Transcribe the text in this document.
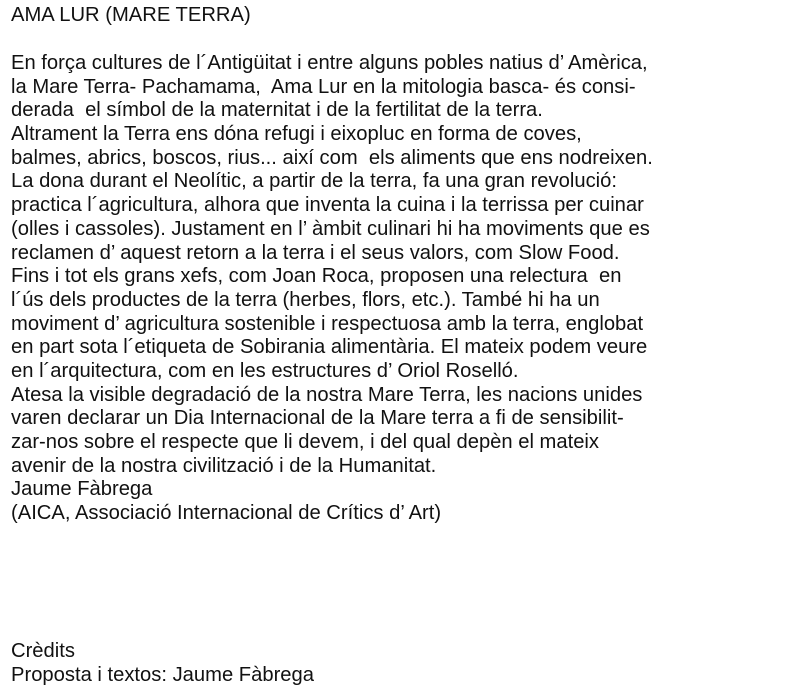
AMA LUR (MARE TERRA)
En força cultures de l´Antigüitat i entre alguns pobles natius d’ Amèrica,
la Mare Terra- Pachamama,  Ama Lur en la mitologia basca- és consi-
derada  el símbol de la maternitat i de la fertilitat de la terra.
Altrament la Terra ens dóna refugi i eixopluc en forma de coves,
balmes, abrics, boscos, rius... així com  els aliments que ens nodreixen.
La dona durant el Neolític, a partir de la terra, fa una gran revolució:
practica l´agricultura, alhora que inventa la cuina i la terrissa per cuinar
(olles i cassoles). Justament en l’ àmbit culinari hi ha moviments que es
reclamen d’ aquest retorn a la terra i el seus valors, com Slow Food.
Fins i tot els grans xefs, com Joan Roca, proposen una relectura  en
l´ús dels productes de la terra (herbes, flors, etc.). També hi ha un
moviment d’ agricultura sostenible i respectuosa amb la terra, englobat
en part sota l´etiqueta de Sobirania alimentària. El mateix podem veure
en l´arquitectura, com en les estructures d’ Oriol Roselló.
Atesa la visible degradació de la nostra Mare Terra, les nacions unides
varen declarar un Dia Internacional de la Mare terra a fi de sensibilit-
zar-nos sobre el respecte que li devem, i del qual depèn el mateix
avenir de la nostra civilització i de la Humanitat.
Jaume Fàbrega
(AICA, Associació Internacional de Crítics d’ Art)
Crèdits
Proposta i textos: Jaume Fàbrega
